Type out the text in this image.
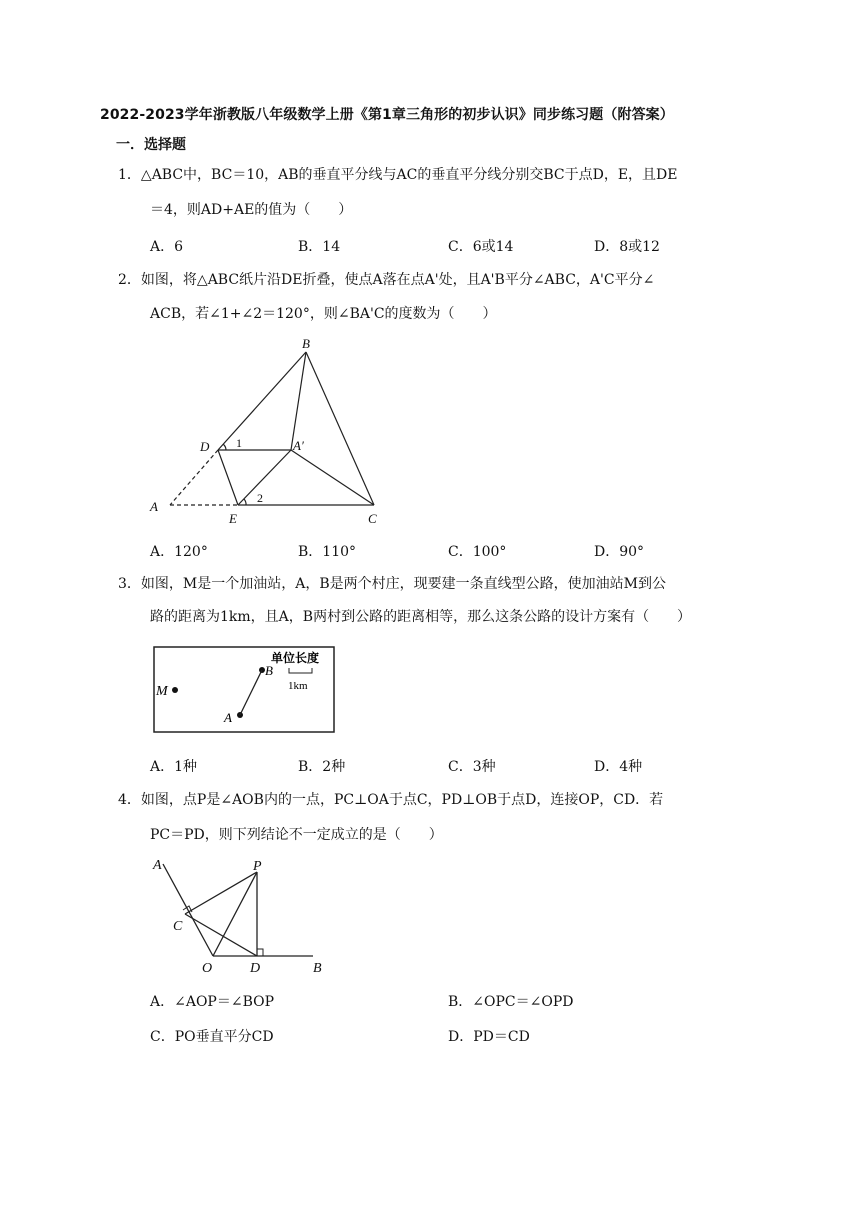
2022-2023学年浙教版八年级数学上册《第1章三角形的初步认识》同步练习题（附答案）
一．选择题
1．△ABC中，BC＝10，AB的垂直平分线与AC的垂直平分线分别交BC于点D，E，且DE
＝4，则AD+AE的值为（　　）
A．6	B．14	C．6或14	D．8或12
2．如图，将△ABC纸片沿DE折叠，使点A落在点A'处，且A'B平分∠ABC，A'C平分∠
ACB，若∠1+∠2＝120°，则∠BA'C的度数为（　　）
B
D	A′
A
E	C
1
2
A．120°	B．110°	C．100°	D．90°
3．如图，M是一个加油站，A，B是两个村庄，现要建一条直线型公路，使加油站M到公
路的距离为1km，且A，B两村到公路的距离相等，那么这条公路的设计方案有（　　）
单位长度
1km
M
A
B
A．1种	B．2种	C．3种	D．4种
4．如图，点P是∠AOB内的一点，PC⊥OA于点C，PD⊥OB于点D，连接OP，CD．若
PC＝PD，则下列结论不一定成立的是（　　）
A	P
C
O	D	B
A．∠AOP＝∠BOP	B．∠OPC＝∠OPD
C．PO垂直平分CD	D．PD＝CD
